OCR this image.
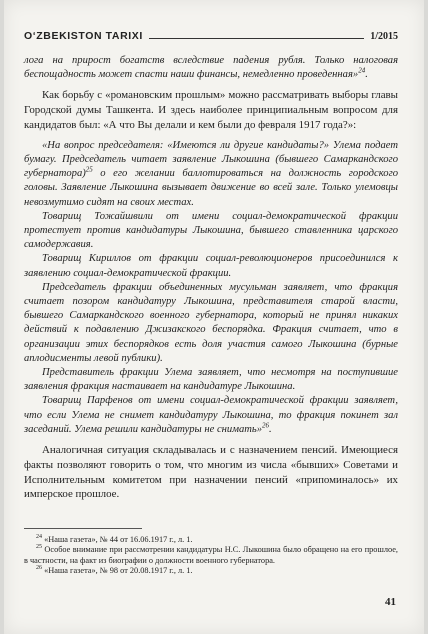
O‘ZBEKISTON TARIXI	1/2015

лога на прирост богатств вследствие падения рубля. Только налоговая беспощадность может спасти наши финансы, немедленно проведенная»$^{24}$.

Как борьбу с «романовским прошлым» можно рассматривать выборы главы Городской думы Ташкента. И здесь наиболее принципиальным вопросом для кандидатов был: «А что Вы делали и кем были до февраля 1917 года?»:

«На вопрос председателя: «Имеются ли другие кандидаты?» Улема подает бумагу. Председатель читает заявление Лыкошина (бывшего Самаркандского губернатора)$^{25}$ о его желании баллотироваться на должность городского головы. Заявление Лыкошина вызывает движение во всей зале. Только улемовцы невозмутимо сидят на своих местах.

Товарищ Тожайшвили от имени социал-демократической фракции протестует против кандидатуры Лыкошина, бывшего ставленника царского самодержавия.

Товарищ Кириллов от фракции социал-революционеров присоединился к заявлению социал-демократической фракции.

Председатель фракции объединенных мусульман заявляет, что фракция считает позором кандидатуру Лыкошина, представителя старой власти, бывшего Самаркандского военного губернатора, который не принял никаких действий к подавлению Джизакского беспорядка. Фракция считает, что в организации этих беспорядков есть доля участия самого Лыкошина (бурные аплодисменты левой публики).

Представитель фракции Улема заявляет, что несмотря на поступившие заявления фракция настаивает на кандидатуре Лыкошина.

Товарищ Парфенов от имени социал-демократической фракции заявляет, что если Улема не снимет кандидатуру Лыкошина, то фракция покинет зал заседаний. Улема решили кандидатуры не снимать»$^{26}$.

Аналогичная ситуация складывалась и с назначением пенсий. Имеющиеся факты позволяют говорить о том, что многим из числа «бывших» Советами и Исполнительным комитетом при назначении пенсий «припоминалось» их имперское прошлое.

$^{24}$ «Наша газета», № 44 от 16.06.1917 г., л. 1.

$^{25}$ Особое внимание при рассмотрении кандидатуры Н.С. Лыкошина было обращено на его прошлое, в частности, на факт из биографии о должности военного губернатора.

$^{26}$ «Наша газета», № 98 от 20.08.1917 г., л. 1.

41
